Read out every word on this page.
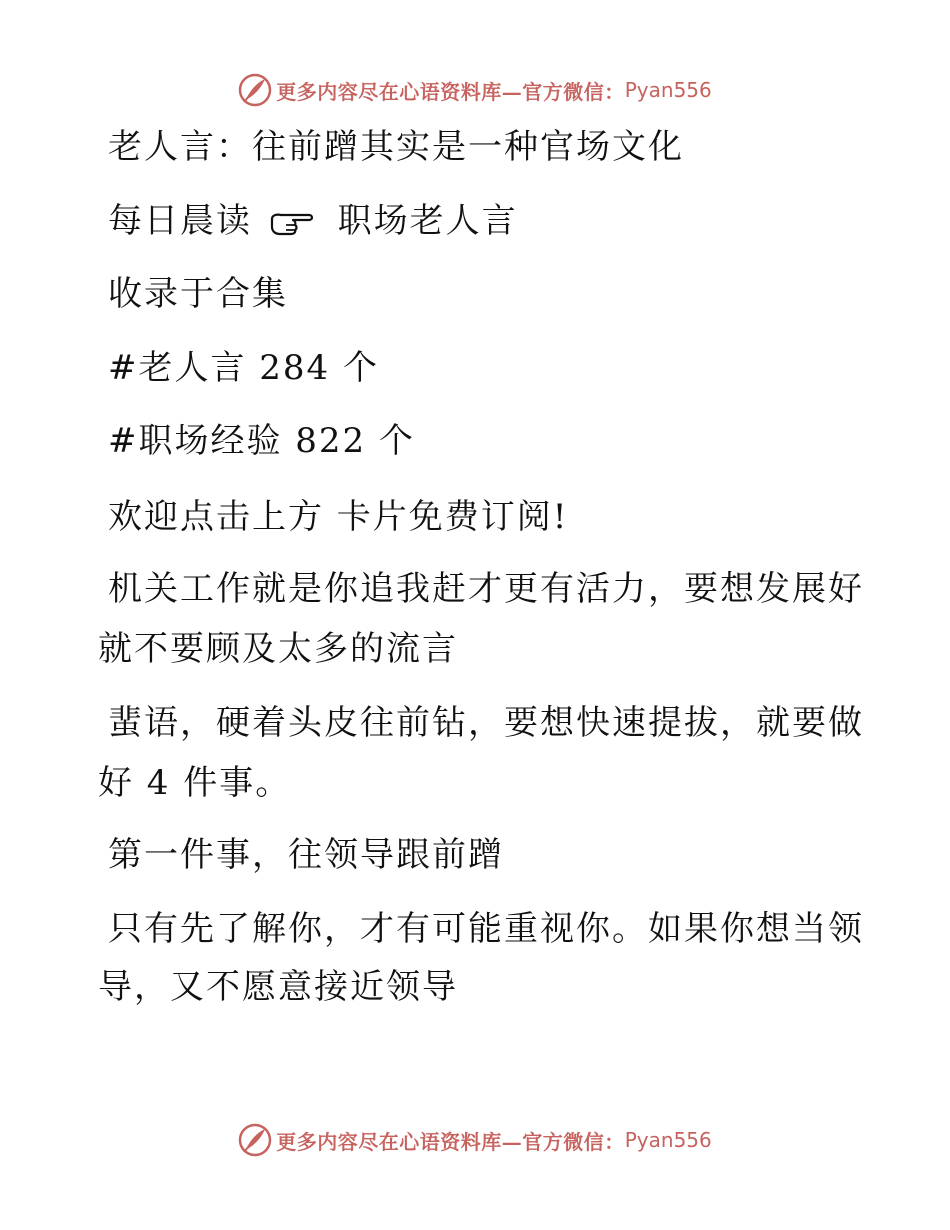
更多内容尽在心语资料库— 官方微信： Pyan556
老人言：往前蹭其实是一种官场文化
每日晨读	职场老人言
收录于合集
#老人言 284 个
#职场经验 822 个
欢迎点击上方 卡片免费订阅!
机关工作就是你追我赶才更有活力，要想发展好
就不要顾及太多的流言
蜚语，硬着头皮往前钻，要想快速提拔，就要做
好 4 件事。
第一件事，往领导跟前蹭
只有先了解你，才有可能重视你。如果你想当领
导，又不愿意接近领导
更多内容尽在心语资料库— 官方微信： Pyan556
